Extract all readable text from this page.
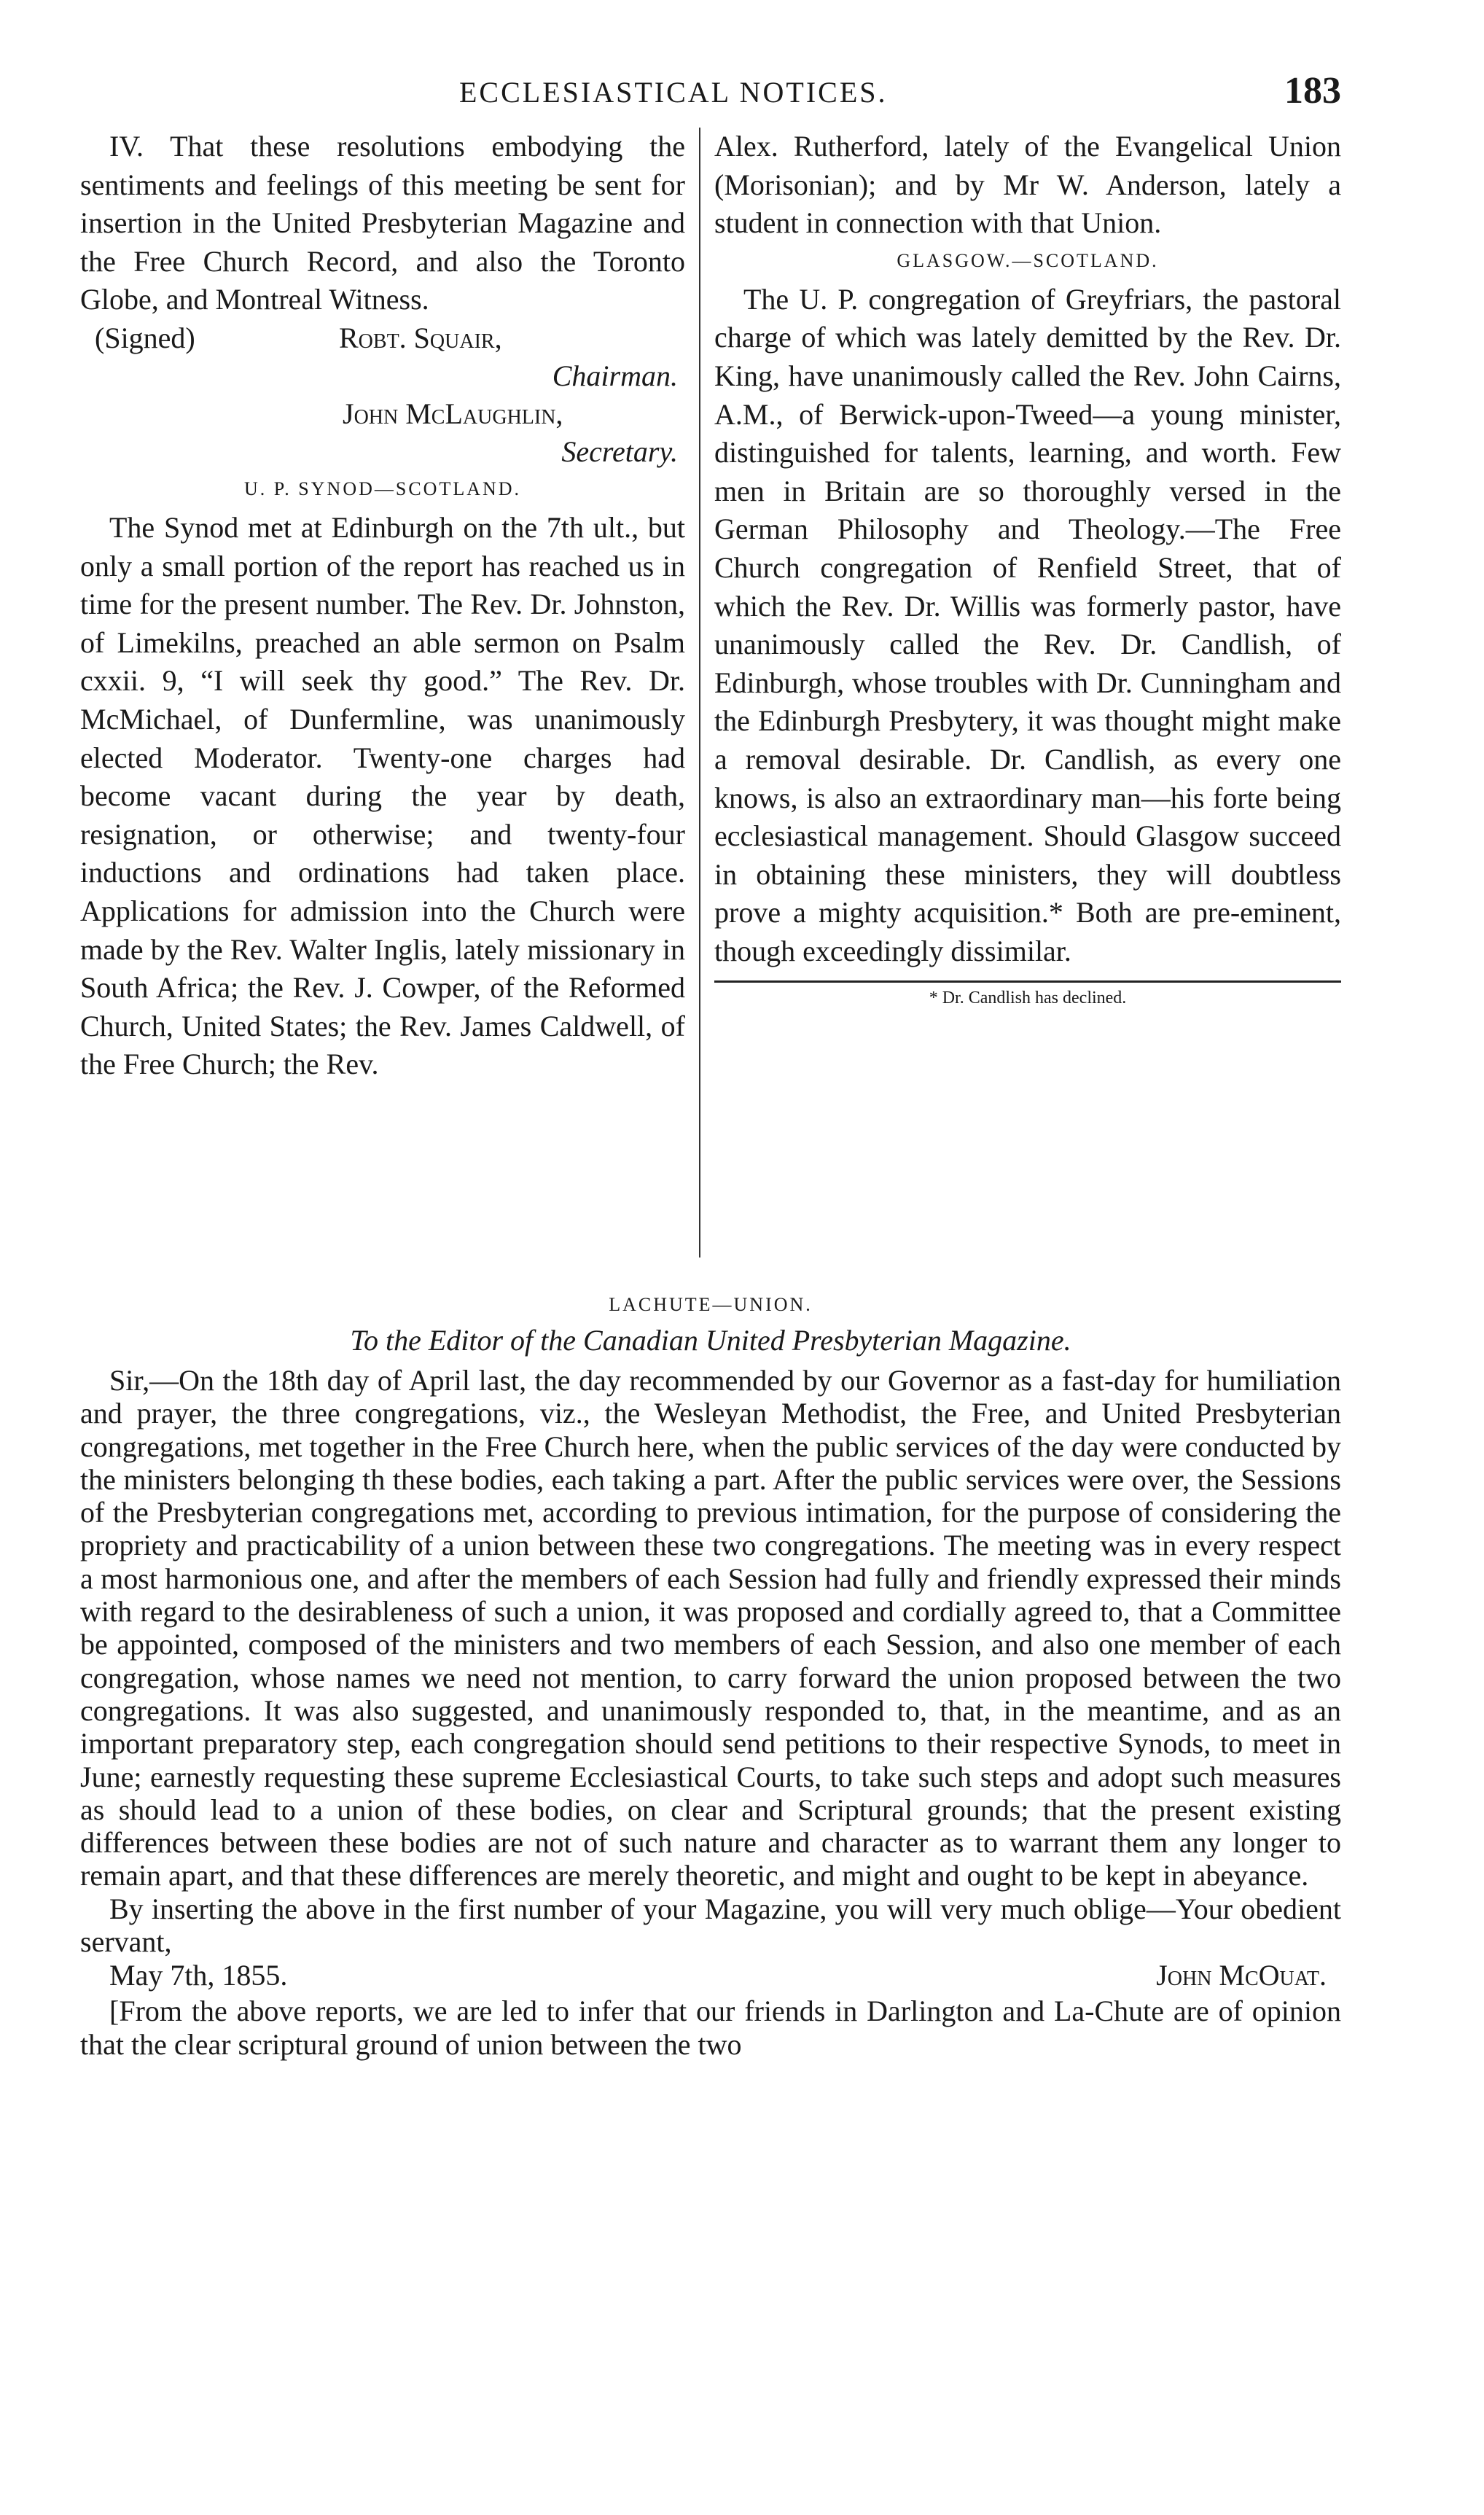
ECCLESIASTICAL NOTICES.	183

IV. That these resolutions embodying the sentiments and feelings of this meeting be sent for insertion in the United Presbyterian Magazine and the Free Church Record, and also the Toronto Globe, and Montreal Witness.

(Signed)	Robt. Squair,
Chairman.
John McLaughlin,
Secretary.
U. P. SYNOD—SCOTLAND.

The Synod met at Edinburgh on the 7th ult., but only a small portion of the report has reached us in time for the present number. The Rev. Dr. Johnston, of Limekilns, preached an able sermon on Psalm cxxii. 9, “I will seek thy good.” The Rev. Dr. McMichael, of Dunfermline, was unanimously elected Moderator. Twenty-one charges had become vacant during the year by death, resignation, or otherwise; and twenty-four inductions and ordinations had taken place. Applications for admission into the Church were made by the Rev. Walter Inglis, lately missionary in South Africa; the Rev. J. Cowper, of the Reformed Church, United States; the Rev. James Caldwell, of the Free Church; the Rev.

Alex. Rutherford, lately of the Evangelical Union (Morisonian); and by Mr W. Anderson, lately a student in connection with that Union.

GLASGOW.—SCOTLAND.

The U. P. congregation of Greyfriars, the pastoral charge of which was lately demitted by the Rev. Dr. King, have unanimously called the Rev. John Cairns, A.M., of Berwick-upon-Tweed—a young minister, distinguished for talents, learning, and worth. Few men in Britain are so thoroughly versed in the German Philosophy and Theology.—The Free Church congregation of Renfield Street, that of which the Rev. Dr. Willis was formerly pastor, have unanimously called the Rev. Dr. Candlish, of Edinburgh, whose troubles with Dr. Cunningham and the Edinburgh Presbytery, it was thought might make a removal desirable. Dr. Candlish, as every one knows, is also an extraordinary man—his forte being ecclesiastical management. Should Glasgow succeed in obtaining these ministers, they will doubtless prove a mighty acquisition.* Both are pre-eminent, though exceedingly dissimilar.

* Dr. Candlish has declined.
LACHUTE—UNION.
To the Editor of the Canadian United Presbyterian Magazine.

Sir,—On the 18th day of April last, the day recommended by our Governor as a fast-day for humiliation and prayer, the three congregations, viz., the Wesleyan Methodist, the Free, and United Presbyterian congregations, met together in the Free Church here, when the public services of the day were conducted by the ministers belonging th these bodies, each taking a part. After the public services were over, the Sessions of the Presbyterian congregations met, according to previous intimation, for the purpose of considering the propriety and practicability of a union between these two congregations. The meeting was in every respect a most harmonious one, and after the members of each Session had fully and friendly expressed their minds with regard to the desirableness of such a union, it was proposed and cordially agreed to, that a Committee be appointed, composed of the ministers and two members of each Session, and also one member of each congregation, whose names we need not mention, to carry forward the union proposed between the two congregations. It was also suggested, and unanimously responded to, that, in the meantime, and as an important preparatory step, each congregation should send petitions to their respective Synods, to meet in June; earnestly requesting these supreme Ecclesiastical Courts, to take such steps and adopt such measures as should lead to a union of these bodies, on clear and Scriptural grounds; that the present existing differences between these bodies are not of such nature and character as to warrant them any longer to remain apart, and that these differences are merely theoretic, and might and ought to be kept in abeyance.

By inserting the above in the first number of your Magazine, you will very much oblige—Your obedient servant,

May 7th, 1855.	John McOuat.

[From the above reports, we are led to infer that our friends in Darlington and La-Chute are of opinion that the clear scriptural ground of union between the two
